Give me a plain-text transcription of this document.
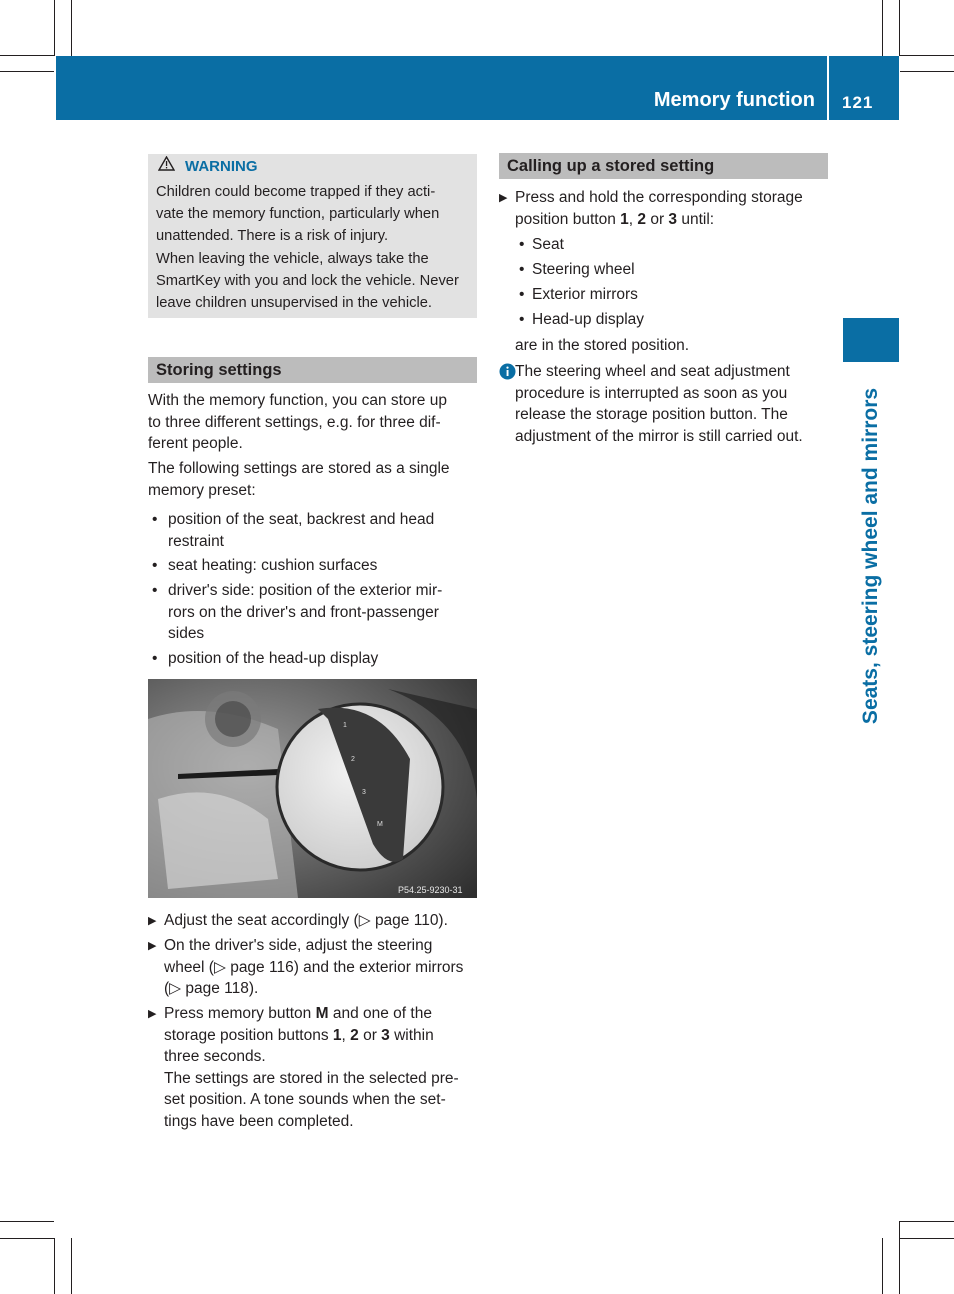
Memory function 121
Seats, steering wheel and mirrors
WARNING

Children could become trapped if they acti-
vate the memory function, particularly when
unattended. There is a risk of injury.

When leaving the vehicle, always take the
SmartKey with you and lock the vehicle. Never
leave children unsupervised in the vehicle.

Storing settings

With the memory function, you can store up
to three different settings, e.g. for three dif-
ferent people.

The following settings are stored as a single
memory preset:

• position of the seat, backrest and head
restraint
• seat heating: cushion surfaces
• driver's side: position of the exterior mir-
rors on the driver's and front-passenger
sides
• position of the head-up display
1
2
3
M
P54.25-9230-31
▶ Adjust the seat accordingly (▷ page 110).
▶ On the driver's side, adjust the steering
wheel (▷ page 116) and the exterior mirrors
(▷ page 118).
▶ Press memory button M and one of the
storage position buttons 1, 2 or 3 within
three seconds.
The settings are stored in the selected pre-
set position. A tone sounds when the set-
tings have been completed.
Calling up a stored setting
▶ Press and hold the corresponding storage
position button 1, 2 or 3 until:
• Seat
• Steering wheel
• Exterior mirrors
• Head-up display
are in the stored position.
The steering wheel and seat adjustment
procedure is interrupted as soon as you
release the storage position button. The
adjustment of the mirror is still carried out.
